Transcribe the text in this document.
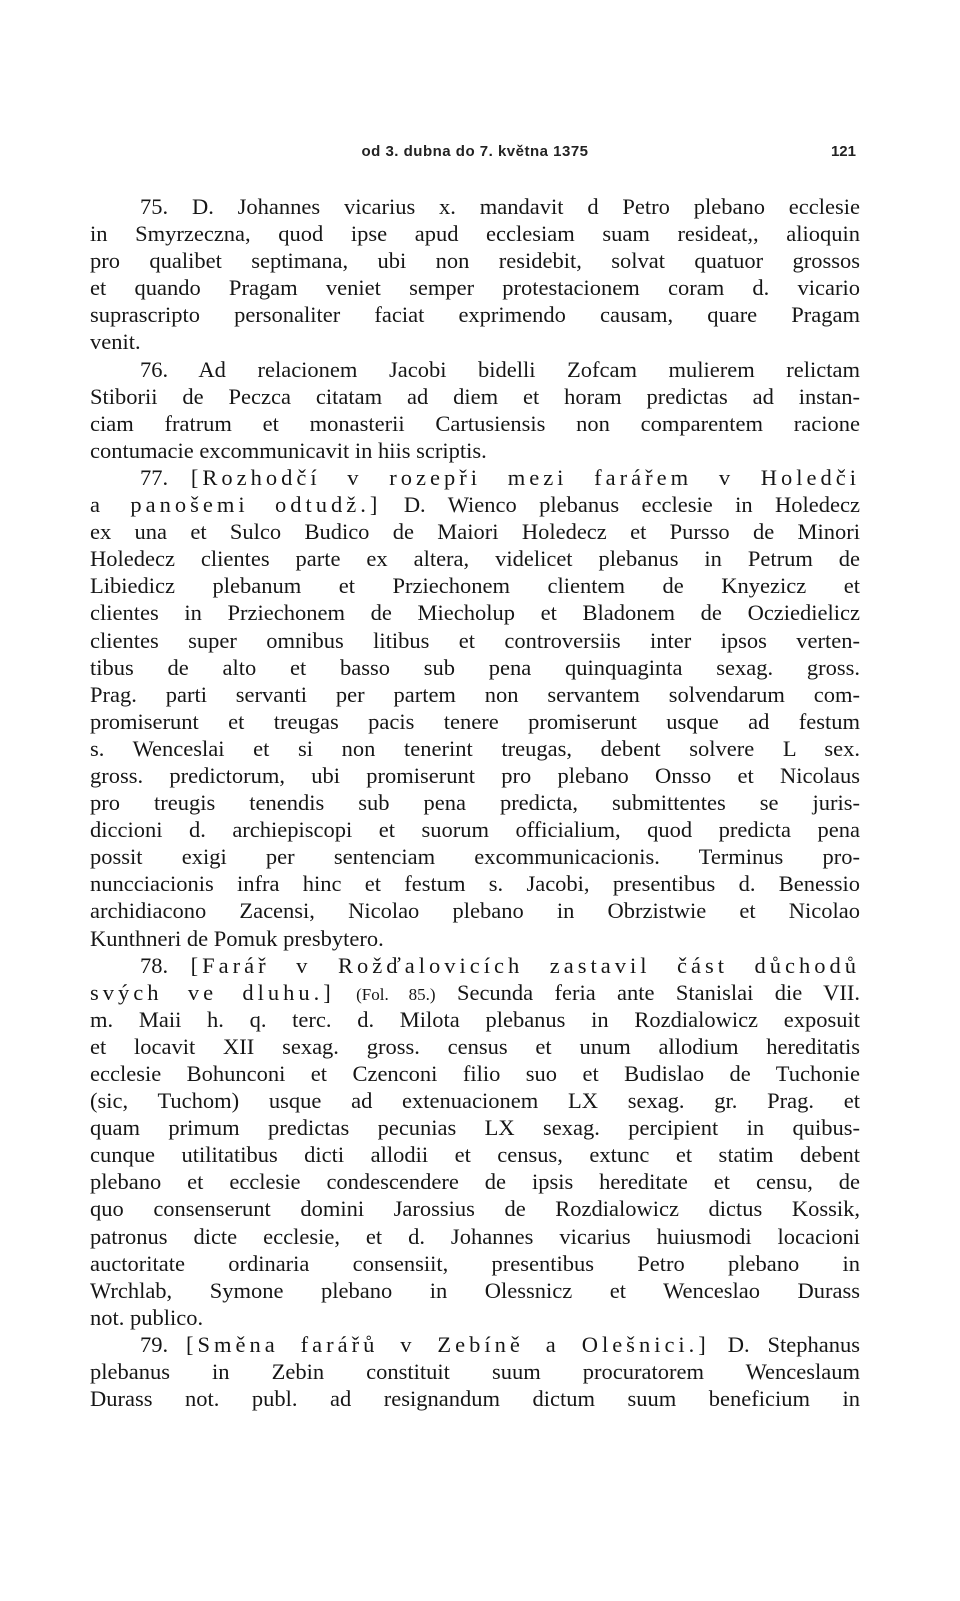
od 3. dubna do 7. května 1375	121
75. D. Johannes vicarius x. mandavit d Petro plebano ecclesie
in Smyrzeczna, quod ipse apud ecclesiam suam resideat,, alioquin
pro qualibet septimana, ubi non residebit, solvat quatuor grossos
et quando Pragam veniet semper protestacionem coram d. vicario
suprascripto personaliter faciat exprimendo causam, quare Pragam
venit.
76. Ad relacionem Jacobi bidelli Zofcam mulierem relictam
Stiborii de Peczca citatam ad diem et horam predictas ad instan-
ciam fratrum et monasterii Cartusiensis non comparentem racione
contumacie excommunicavit in hiis scriptis.
77. [Rozhodčí v rozepři mezi farářem v Holedči
a panošemi odtudž.] D. Wienco plebanus ecclesie in Holedecz
ex una et Sulco Budico de Maiori Holedecz et Pursso de Minori
Holedecz clientes parte ex altera, videlicet plebanus in Petrum de
Libiedicz plebanum et Przіechonem clientem de Knyezicz et
clientes in Przіechonem de Miecholup et Bladonem de Ocziedielicz
clientes super omnibus litibus et controversiis inter ipsos verten-
tibus de alto et basso sub pena quinquaginta sexag. gross.
Prag. parti servanti per partem non servantem solvendarum com-
promiserunt et treugas pacis tenere promiserunt usque ad festum
s. Wenceslai et si non tenerint treugas, debent solvere L sex.
gross. predictorum, ubi promiserunt pro plebano Onsso et Nicolaus
pro treugis tenendis sub pena predicta, submittentes se juris-
diccioni d. archiepiscopi et suorum officialium, quod predicta pena
possit exigi per sentenciam excommunicacionis. Terminus pro-
nuncciacionis infra hinc et festum s. Jacobi, presentibus d. Benessio
archidiacono Zacensi, Nicolao plebano in Obrzistwie et Nicolao
Kunthneri de Pomuk presbytero.
78. [Farář v Rožďalovicích zastavil část důchodů
svých ve dluhu.] (Fol. 85.) Secunda feria ante Stanislai die VII.
m. Maii h. q. terc. d. Milota plebanus in Rozdialowicz exposuit
et locavit XII sexag. gross. census et unum allodium hereditatis
ecclesie Bohunconi et Czenconi filio suo et Budislao de Tuchonie
(sic, Tuchom) usque ad extenuacionem LX sexag. gr. Prag. et
quam primum predictas pecunias LX sexag. percipient in quibus-
cunque utilitatibus dicti allodii et census, extunc et statim debent
plebano et ecclesie condescendere de ipsis hereditate et censu, de
quo consenserunt domini Jarossius de Rozdialowicz dictus Kossik,
patronus dicte ecclesie, et d. Johannes vicarius huiusmodi locacioni
auctoritate ordinaria consensiit, presentibus Petro plebano in
Wrchlab, Symone plebano in Olessnicz et Wenceslao Durass
not. publico.
79. [Směna farářů v Zebíně a Olešnici.] D. Stephanus
plebanus in Zebin constituit suum procuratorem Wenceslaum
Durass not. publ. ad resignandum dictum suum beneficium in
